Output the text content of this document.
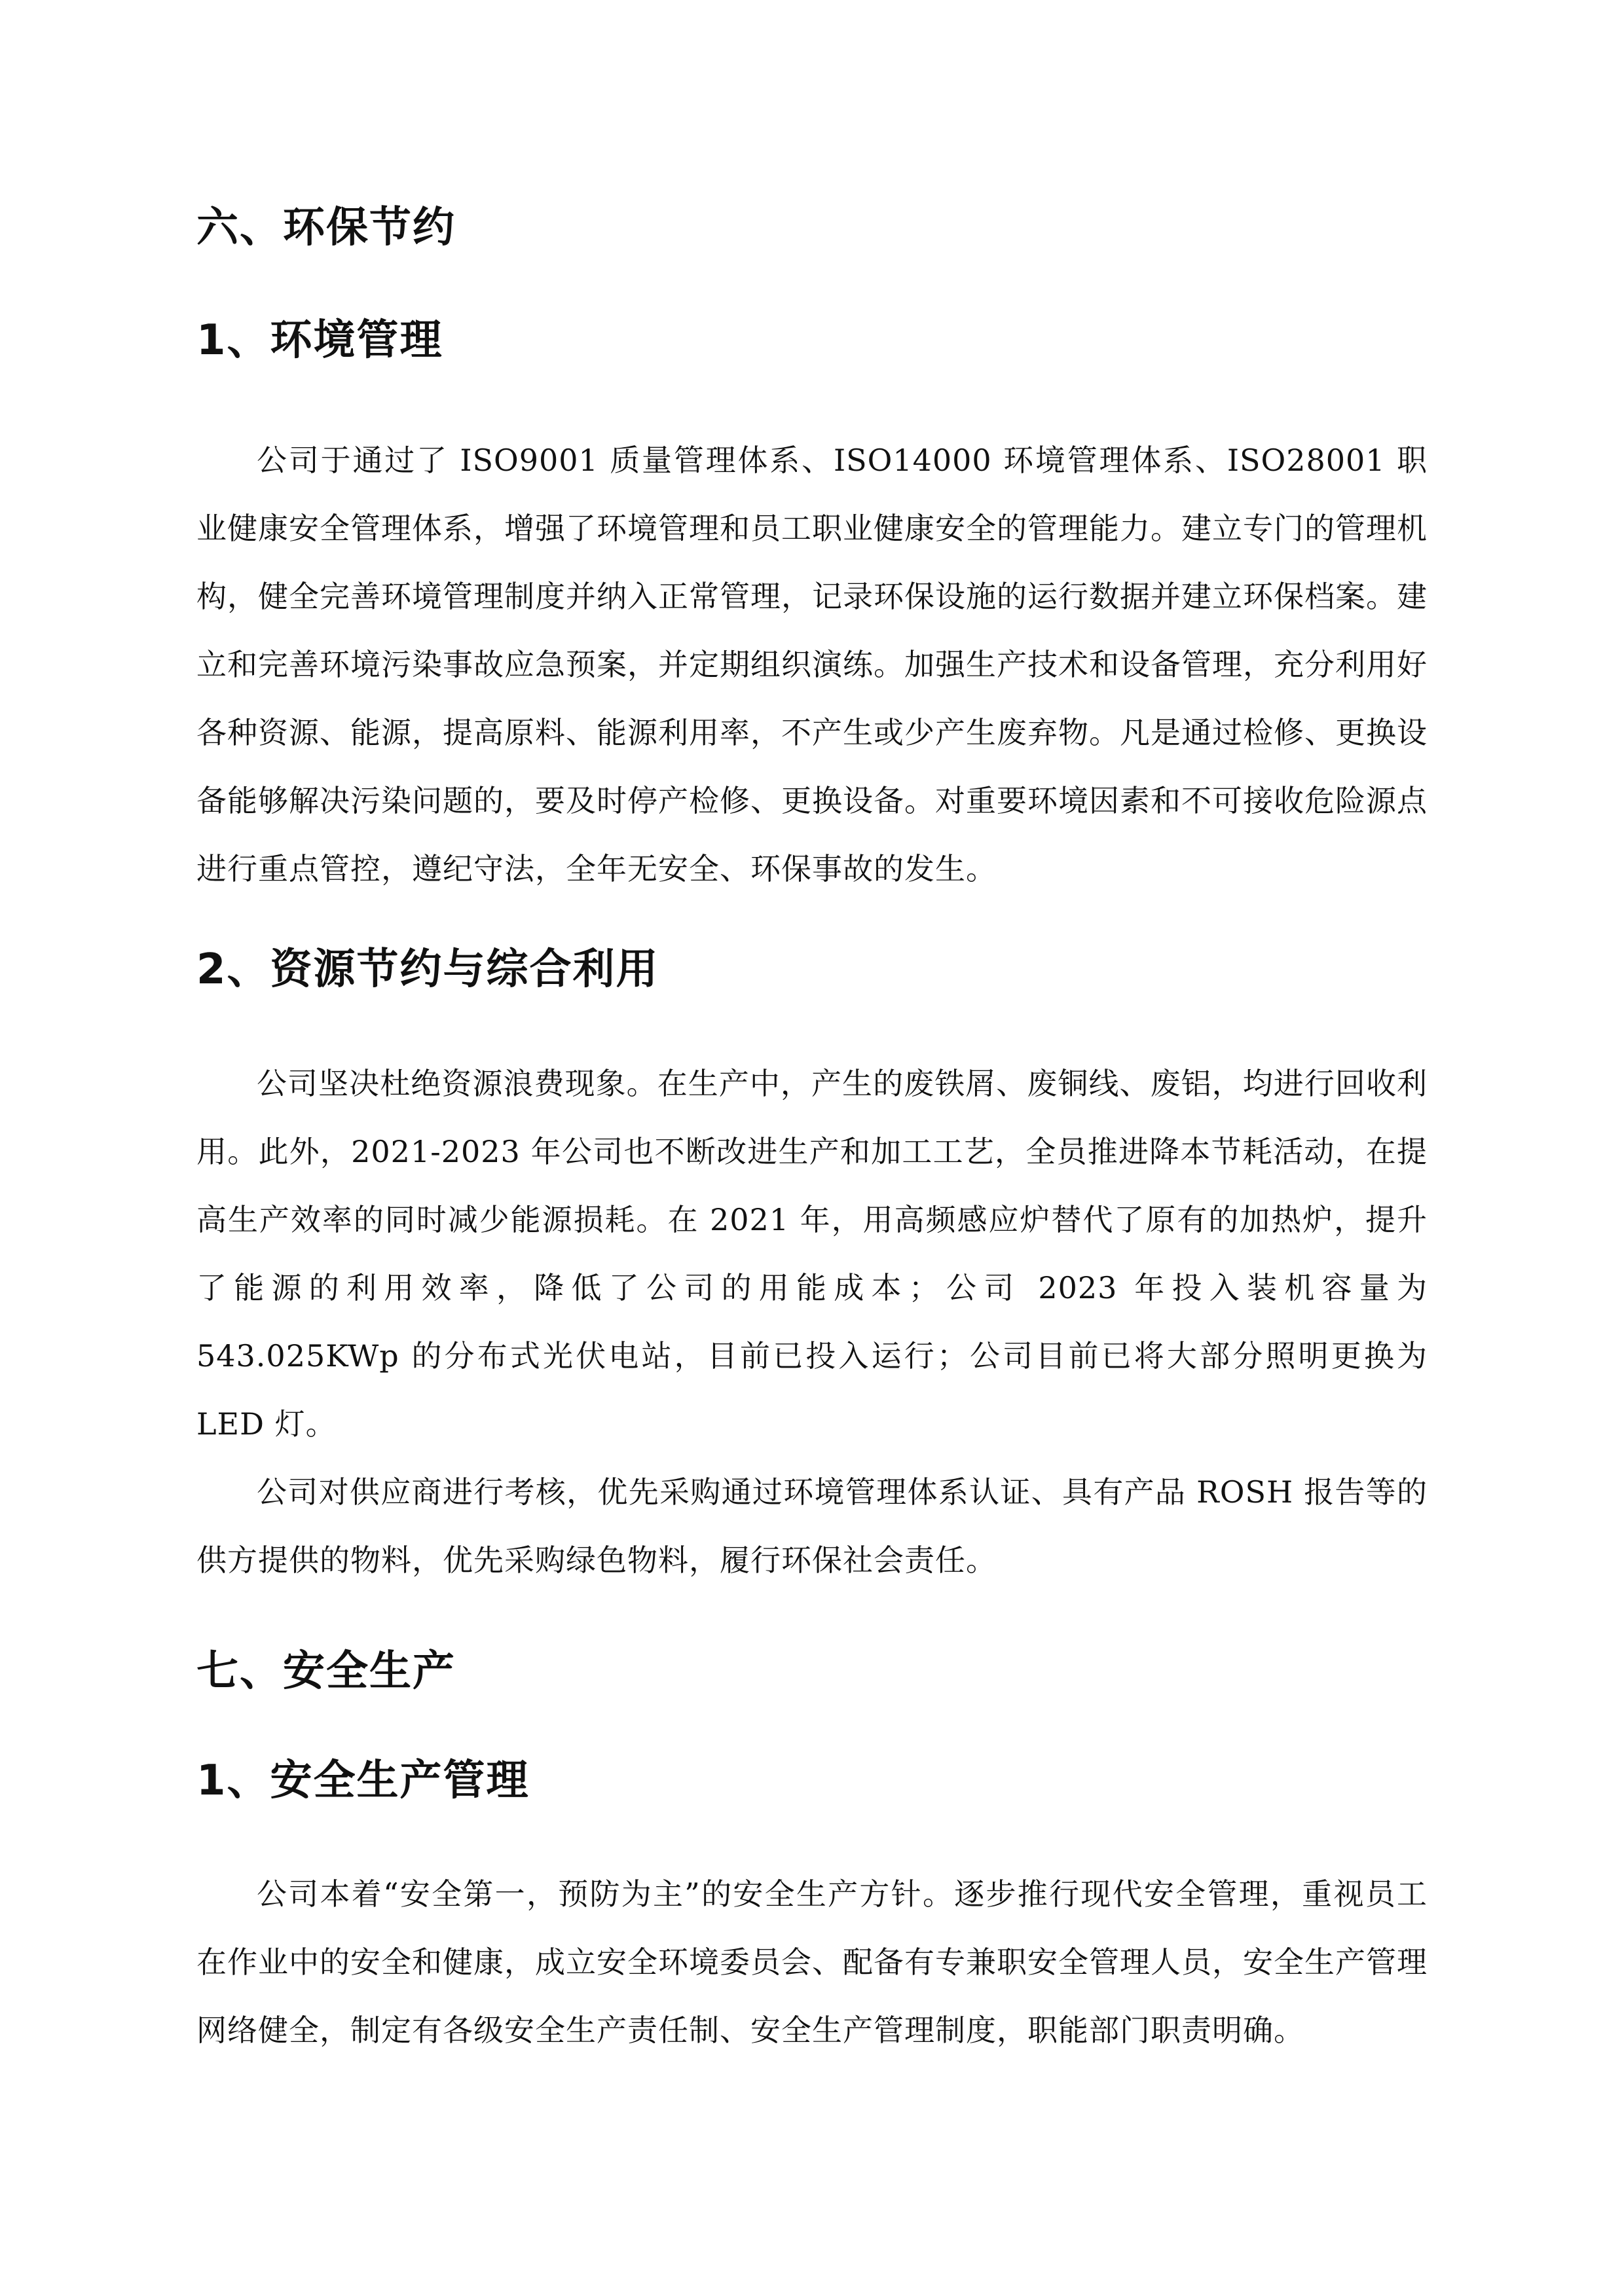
六、环保节约
1、环境管理

公司于通过了 ISO9001 质量管理体系、ISO14000 环境管理体系、ISO28001 职业健康安全管理体系，增强了环境管理和员工职业健康安全的管理能力。建立专门的管理机构，健全完善环境管理制度并纳入正常管理，记录环保设施的运行数据并建立环保档案。建立和完善环境污染事故应急预案，并定期组织演练。加强生产技术和设备管理，充分利用好各种资源、能源，提高原料、能源利用率，不产生或少产生废弃物。凡是通过检修、更换设备能够解决污染问题的，要及时停产检修、更换设备。对重要环境因素和不可接收危险源点进行重点管控，遵纪守法，全年无安全、环保事故的发生。

2、资源节约与综合利用

公司坚决杜绝资源浪费现象。在生产中，产生的废铁屑、废铜线、废铝，均进行回收利用。此外，2021-2023 年公司也不断改进生产和加工工艺，全员推进降本节耗活动，在提高生产效率的同时减少能源损耗。在 2021 年，用高频感应炉替代了原有的加热炉，提升了能源的利用效率，降低了公司的用能成本；公司 2023 年投入装机容量为 543.025KWp 的分布式光伏电站，目前已投入运行；公司目前已将大部分照明更换为 LED 灯。

公司对供应商进行考核，优先采购通过环境管理体系认证、具有产品 ROSH 报告等的供方提供的物料，优先采购绿色物料，履行环保社会责任。

七、安全生产
1、安全生产管理

公司本着“安全第一，预防为主”的安全生产方针。逐步推行现代安全管理，重视员工在作业中的安全和健康，成立安全环境委员会、配备有专兼职安全管理人员，安全生产管理网络健全，制定有各级安全生产责任制、安全生产管理制度，职能部门职责明确。
